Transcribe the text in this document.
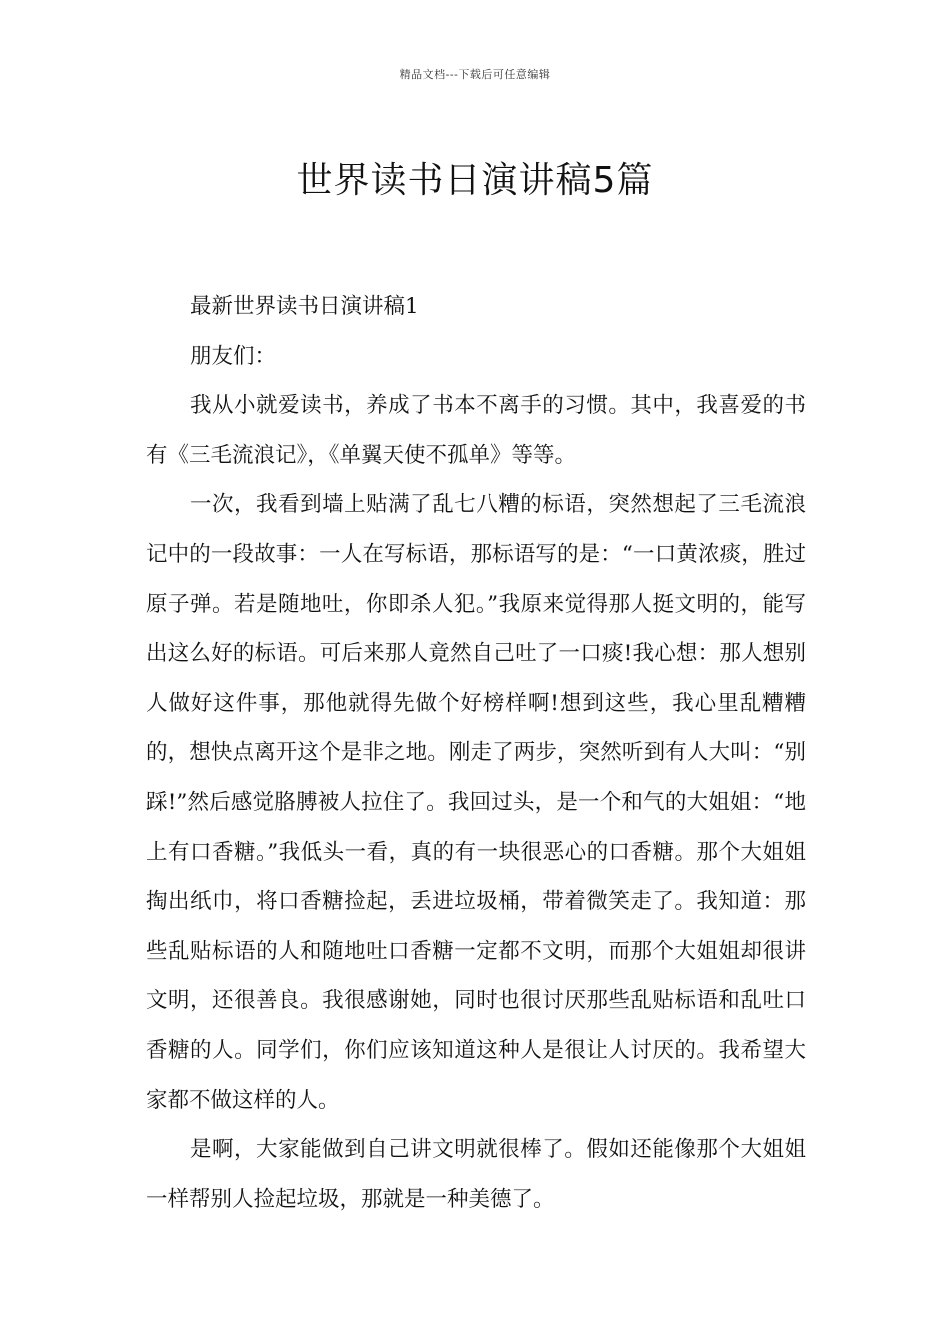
精品文档---下载后可任意编辑
世界读书日演讲稿5篇

最新世界读书日演讲稿1

朋友们：

我从小就爱读书，养成了书本不离手的习惯。其中，我喜爱的书有《三毛流浪记》，《单翼天使不孤单》等等。

一次，我看到墙上贴满了乱七八糟的标语，突然想起了三毛流浪记中的一段故事：一人在写标语，那标语写的是：“一口黄浓痰，胜过原子弹。若是随地吐，你即杀人犯。”我原来觉得那人挺文明的，能写出这么好的标语。可后来那人竟然自己吐了一口痰!我心想：那人想别人做好这件事，那他就得先做个好榜样啊!想到这些，我心里乱糟糟的，想快点离开这个是非之地。刚走了两步，突然听到有人大叫：“别踩!”然后感觉胳膊被人拉住了。我回过头，是一个和气的大姐姐：“地上有口香糖。”我低头一看，真的有一块很恶心的口香糖。那个大姐姐掏出纸巾，将口香糖捡起，丢进垃圾桶，带着微笑走了。我知道：那些乱贴标语的人和随地吐口香糖一定都不文明，而那个大姐姐却很讲文明，还很善良。我很感谢她，同时也很讨厌那些乱贴标语和乱吐口香糖的人。同学们，你们应该知道这种人是很让人讨厌的。我希望大家都不做这样的人。

是啊，大家能做到自己讲文明就很棒了。假如还能像那个大姐姐一样帮别人捡起垃圾，那就是一种美德了。
